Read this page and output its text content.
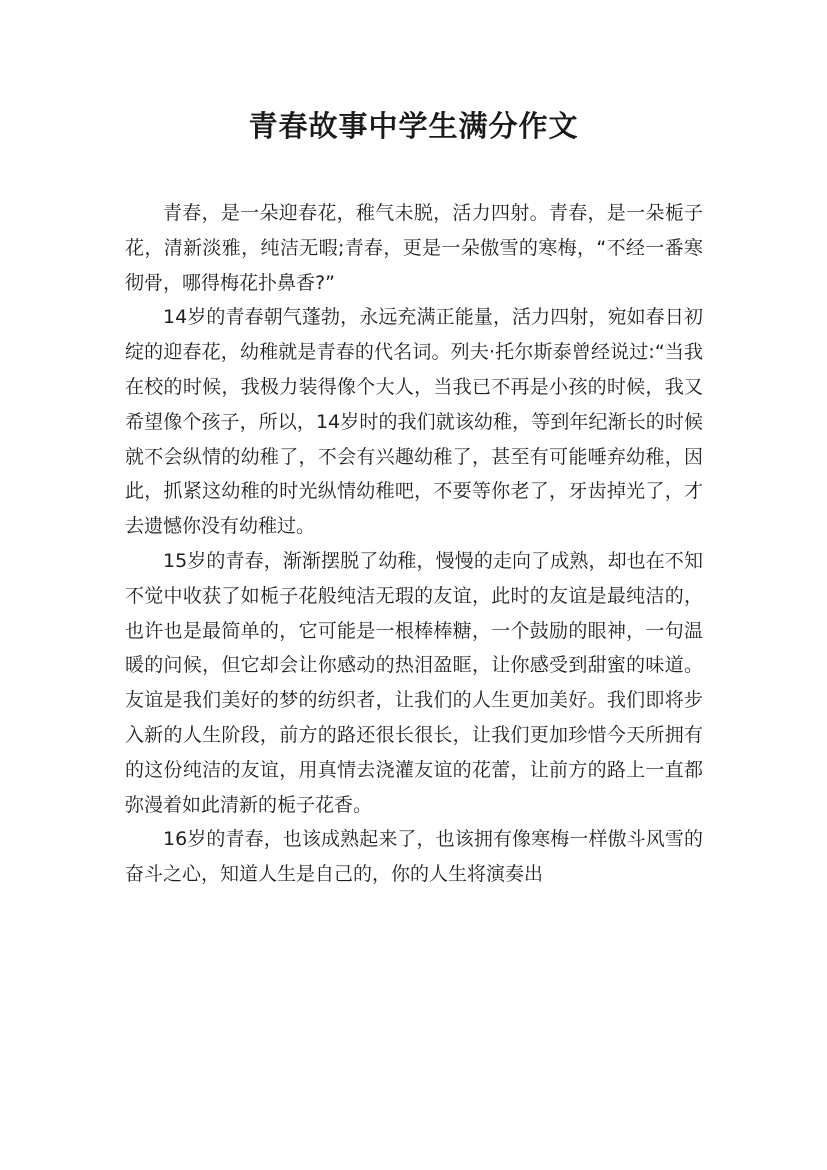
青春故事中学生满分作文

青春，是一朵迎春花，稚气未脱，活力四射。青春，是一朵栀子花，清新淡雅，纯洁无暇;青春，更是一朵傲雪的寒梅，“不经一番寒彻骨，哪得梅花扑鼻香?”

14岁的青春朝气蓬勃，永远充满正能量，活力四射，宛如春日初绽的迎春花，幼稚就是青春的代名词。列夫·托尔斯泰曾经说过:“当我在校的时候，我极力装得像个大人，当我已不再是小孩的时候，我又希望像个孩子，所以，14岁时的我们就该幼稚，等到年纪渐长的时候就不会纵情的幼稚了，不会有兴趣幼稚了，甚至有可能唾弃幼稚，因此，抓紧这幼稚的时光纵情幼稚吧，不要等你老了，牙齿掉光了，才去遗憾你没有幼稚过。

15岁的青春，渐渐摆脱了幼稚，慢慢的走向了成熟，却也在不知不觉中收获了如栀子花般纯洁无瑕的友谊，此时的友谊是最纯洁的，也许也是最简单的，它可能是一根棒棒糖，一个鼓励的眼神，一句温暖的问候，但它却会让你感动的热泪盈眶，让你感受到甜蜜的味道。友谊是我们美好的梦的纺织者，让我们的人生更加美好。我们即将步入新的人生阶段，前方的路还很长很长，让我们更加珍惜今天所拥有的这份纯洁的友谊，用真情去浇灌友谊的花蕾，让前方的路上一直都弥漫着如此清新的栀子花香。

16岁的青春，也该成熟起来了，也该拥有像寒梅一样傲斗风雪的奋斗之心，知道人生是自己的，你的人生将演奏出
